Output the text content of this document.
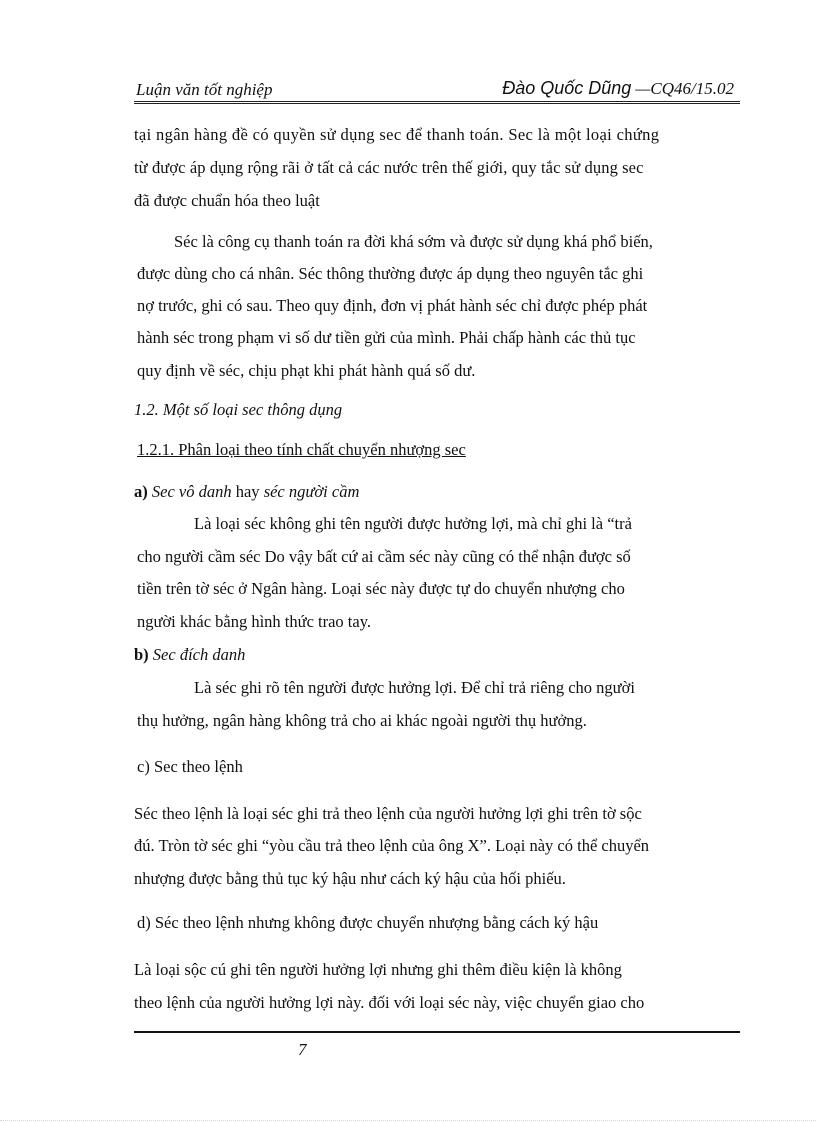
Luận văn tốt nghiệp	Đào Quốc Dũng —CQ46/15.02
tại ngân hàng đề có quyền sử dụng sec để thanh toán. Sec là một loại chứng
từ được áp dụng rộng rãi ở tất cả các nước trên thế giới, quy tắc sử dụng sec
đã được chuẩn hóa theo luật
Séc là công cụ thanh toán ra đời khá sớm và được sử dụng khá phổ biến,
được dùng cho cá nhân. Séc thông thường được áp dụng theo nguyên tắc ghi
nợ trước, ghi có sau. Theo quy định, đơn vị phát hành séc chỉ được phép phát
hành séc trong phạm vi số dư tiền gửi của mình. Phải chấp hành các thủ tục
quy định về séc, chịu phạt khi phát hành quá số dư.
1.2. Một số loại sec thông dụng
1.2.1. Phân loại theo tính chất chuyển nhượng sec
a) Sec vô danh hay séc người cầm
Là loại séc không ghi tên người được hưởng lợi, mà chỉ ghi là “trả
cho người cầm séc Do vậy bất cứ ai cầm séc này cũng có thể nhận được số
tiền trên tờ séc ở Ngân hàng. Loại séc này được tự do chuyển nhượng cho
người khác bằng hình thức trao tay.
b) Sec đích danh
Là séc ghi rõ tên người được hưởng lợi. Để chỉ trả riêng cho người
thụ hưởng, ngân hàng không trả cho ai khác ngoài người thụ hưởng.
c) Sec theo lệnh
Séc theo lệnh là loại séc ghi trả theo lệnh của người hưởng lợi ghi trên tờ sộc
đú. Tròn tờ séc ghi “yòu cầu trả theo lệnh của ông X”. Loại này có thể chuyển
nhượng được bằng thủ tục ký hậu như cách ký hậu của hối phiếu.
d) Séc theo lệnh nhưng không được chuyển nhượng bằng cách ký hậu
Là loại sộc cú ghi tên người hưởng lợi nhưng ghi thêm điều kiện là không
theo lệnh của người hưởng lợi này. đối với loại séc này, việc chuyển giao cho
7
